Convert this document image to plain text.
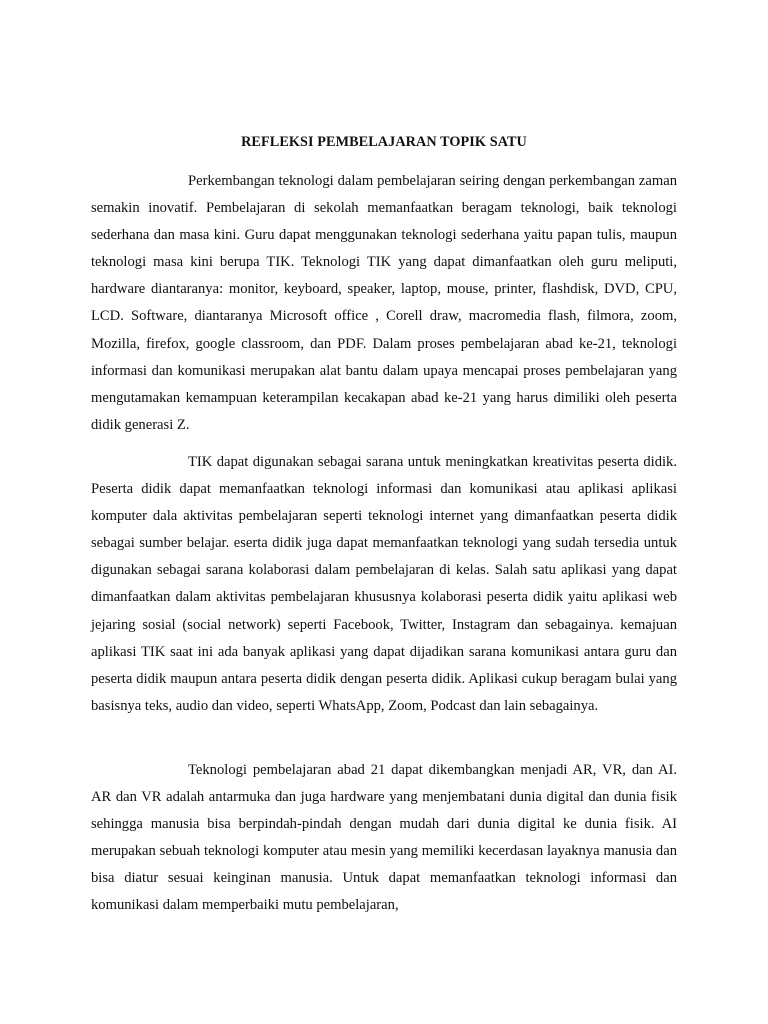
REFLEKSI PEMBELAJARAN TOPIK SATU

Perkembangan teknologi dalam pembelajaran seiring dengan perkembangan zaman semakin inovatif. Pembelajaran di sekolah memanfaatkan beragam teknologi, baik teknologi sederhana dan masa kini. Guru dapat menggunakan teknologi sederhana yaitu papan tulis, maupun teknologi masa kini berupa TIK. Teknologi TIK yang dapat dimanfaatkan oleh guru meliputi, hardware diantaranya: monitor, keyboard, speaker, laptop, mouse, printer, flashdisk, DVD, CPU, LCD. Software, diantaranya Microsoft office , Corell draw, macromedia flash, filmora, zoom, Mozilla, firefox, google classroom, dan PDF. Dalam proses pembelajaran abad ke-21, teknologi informasi dan komunikasi merupakan alat bantu dalam upaya mencapai proses pembelajaran yang mengutamakan kemampuan keterampilan kecakapan abad ke-21 yang harus dimiliki oleh peserta didik generasi Z.

TIK dapat digunakan sebagai sarana untuk meningkatkan kreativitas peserta didik. Peserta didik dapat memanfaatkan teknologi informasi dan komunikasi atau aplikasi aplikasi komputer dala aktivitas pembelajaran seperti teknologi internet yang dimanfaatkan peserta didik sebagai sumber belajar. eserta didik juga dapat memanfaatkan teknologi yang sudah tersedia untuk digunakan sebagai sarana kolaborasi dalam pembelajaran di kelas. Salah satu aplikasi yang dapat dimanfaatkan dalam aktivitas pembelajaran khususnya kolaborasi peserta didik yaitu aplikasi web jejaring sosial (social network) seperti Facebook, Twitter, Instagram dan sebagainya. kemajuan aplikasi TIK saat ini ada banyak aplikasi yang dapat dijadikan sarana komunikasi antara guru dan peserta didik maupun antara peserta didik dengan peserta didik. Aplikasi cukup beragam bulai yang basisnya teks, audio dan video, seperti WhatsApp, Zoom, Podcast dan lain sebagainya.

Teknologi pembelajaran abad 21 dapat dikembangkan menjadi AR, VR, dan AI. AR dan VR adalah antarmuka dan juga hardware yang menjembatani dunia digital dan dunia fisik sehingga manusia bisa berpindah-pindah dengan mudah dari dunia digital ke dunia fisik. AI merupakan sebuah teknologi komputer atau mesin yang memiliki kecerdasan layaknya manusia dan bisa diatur sesuai keinginan manusia. Untuk dapat memanfaatkan teknologi informasi dan komunikasi dalam memperbaiki mutu pembelajaran,
